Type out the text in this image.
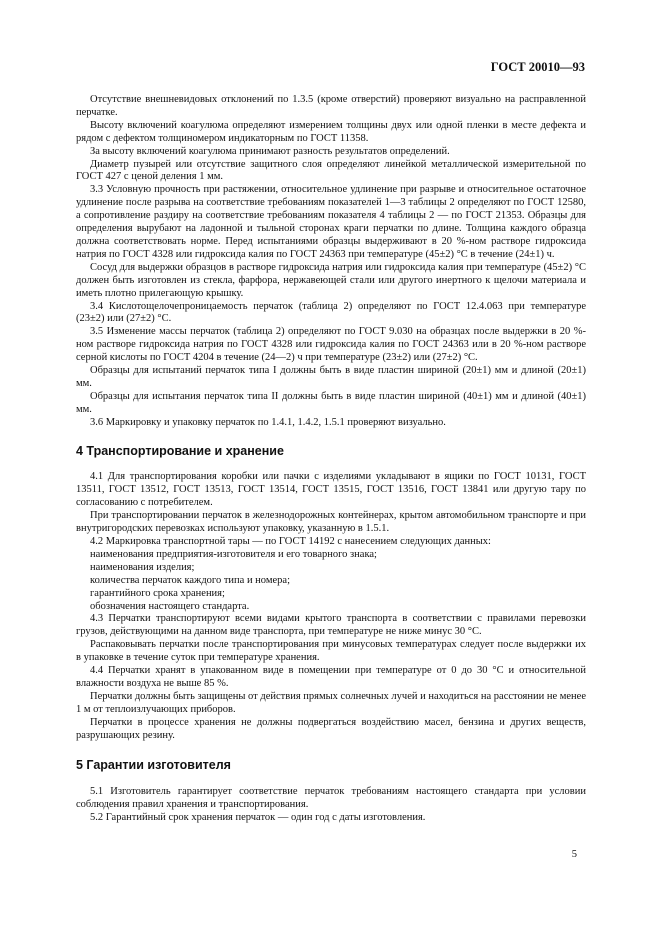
ГОСТ 20010—93

Отсутствие внешневидовых отклонений по 1.3.5 (кроме отверстий) проверяют визуально на расправленной перчатке.

Высоту включений коагулюма определяют измерением толщины двух или одной пленки в месте дефекта и рядом с дефектом толщиномером индикаторным по ГОСТ 11358.

За высоту включений коагулюма принимают разность результатов определений.

Диаметр пузырей или отсутствие защитного слоя определяют линейкой металлической измерительной по ГОСТ 427 с ценой деления 1 мм.

3.3 Условную прочность при растяжении, относительное удлинение при разрыве и относительное остаточное удлинение после разрыва на соответствие требованиям показателей 1—3 таблицы 2 определяют по ГОСТ 12580, а сопротивление раздиру на соответствие требованиям показателя 4 таблицы 2 — по ГОСТ 21353. Образцы для определения вырубают на ладонной и тыльной сторонах краги перчатки по длине. Толщина каждого образца должна соответствовать норме. Перед испытаниями образцы выдерживают в 20 %-ном растворе гидроксида натрия по ГОСТ 4328 или гидроксида калия по ГОСТ 24363 при температуре (45±2) °С в течение (24±1) ч.

Сосуд для выдержки образцов в растворе гидроксида натрия или гидроксида калия при температуре (45±2) °С должен быть изготовлен из стекла, фарфора, нержавеющей стали или другого инертного к щелочи материала и иметь плотно прилегающую крышку.

3.4 Кислотощелочепроницаемость перчаток (таблица 2) определяют по ГОСТ 12.4.063 при температуре (23±2) или (27±2) °С.

3.5 Изменение массы перчаток (таблица 2) определяют по ГОСТ 9.030 на образцах после выдержки в 20 %-ном растворе гидроксида натрия по ГОСТ 4328 или гидроксида калия по ГОСТ 24363 или в 20 %-ном растворе серной кислоты по ГОСТ 4204 в течение (24—2) ч при температуре (23±2) или (27±2) °С.

Образцы для испытаний перчаток типа I должны быть в виде пластин шириной (20±1) мм и длиной (20±1) мм.

Образцы для испытания перчаток типа II должны быть в виде пластин шириной (40±1) мм и длиной (40±1) мм.

3.6 Маркировку и упаковку перчаток по 1.4.1, 1.4.2, 1.5.1 проверяют визуально.

4 Транспортирование и хранение

4.1 Для транспортирования коробки или пачки с изделиями укладывают в ящики по ГОСТ 10131, ГОСТ 13511, ГОСТ 13512, ГОСТ 13513, ГОСТ 13514, ГОСТ 13515, ГОСТ 13516, ГОСТ 13841 или другую тару по согласованию с потребителем.

При транспортировании перчаток в железнодорожных контейнерах, крытом автомобильном транспорте и при внутригородских перевозках используют упаковку, указанную в 1.5.1.

4.2 Маркировка транспортной тары — по ГОСТ 14192 с нанесением следующих данных:

наименования предприятия-изготовителя и его товарного знака;

наименования изделия;

количества перчаток каждого типа и номера;

гарантийного срока хранения;

обозначения настоящего стандарта.

4.3 Перчатки транспортируют всеми видами крытого транспорта в соответствии с правилами перевозки грузов, действующими на данном виде транспорта, при температуре не ниже минус 30 °С.

Распаковывать перчатки после транспортирования при минусовых температурах следует после выдержки их в упаковке в течение суток при температуре хранения.

4.4 Перчатки хранят в упакованном виде в помещении при температуре от 0 до 30 °С и относительной влажности воздуха не выше 85 %.

Перчатки должны быть защищены от действия прямых солнечных лучей и находиться на расстоянии не менее 1 м от теплоизлучающих приборов.

Перчатки в процессе хранения не должны подвергаться воздействию масел, бензина и других веществ, разрушающих резину.

5 Гарантии изготовителя

5.1 Изготовитель гарантирует соответствие перчаток требованиям настоящего стандарта при условии соблюдения правил хранения и транспортирования.

5.2 Гарантийный срок хранения перчаток — один год с даты изготовления.

5
